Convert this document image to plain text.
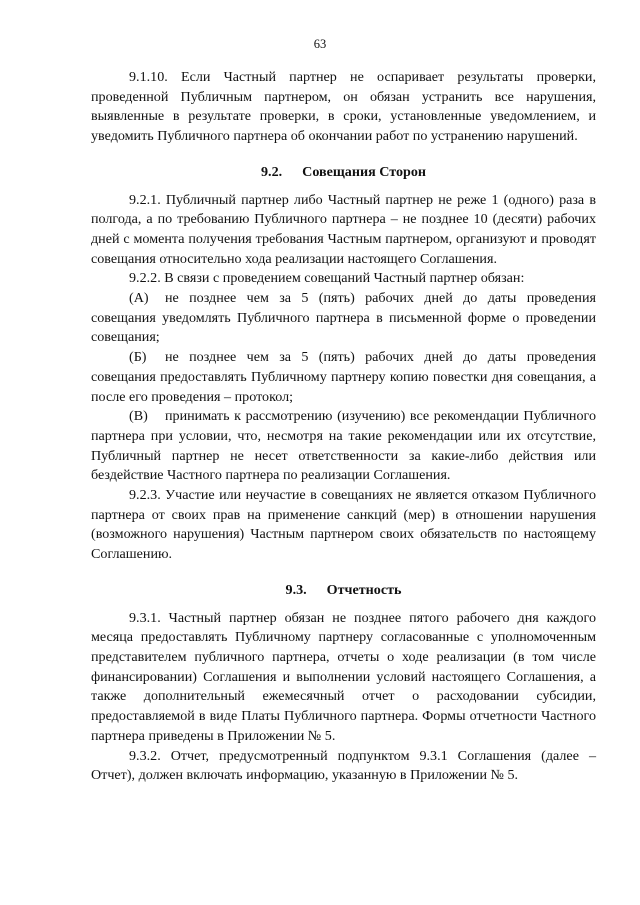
63

9.1.10. Если Частный партнер не оспаривает результаты проверки, проведенной Публичным партнером, он обязан устранить все нарушения, выявленные в результате проверки, в сроки, установленные уведомлением, и уведомить Публичного партнера об окончании работ по устранению нарушений.

9.2. Совещания Сторон

9.2.1. Публичный партнер либо Частный партнер не реже 1 (одного) раза в полгода, а по требованию Публичного партнера – не позднее 10 (десяти) рабочих дней с момента получения требования Частным партнером, организуют и проводят совещания относительно хода реализации настоящего Соглашения.

9.2.2. В связи с проведением совещаний Частный партнер обязан:

(А) не позднее чем за 5 (пять) рабочих дней до даты проведения совещания уведомлять Публичного партнера в письменной форме о проведении совещания;

(Б) не позднее чем за 5 (пять) рабочих дней до даты проведения совещания предоставлять Публичному партнеру копию повестки дня совещания, а после его проведения – протокол;

(В) принимать к рассмотрению (изучению) все рекомендации Публичного партнера при условии, что, несмотря на такие рекомендации или их отсутствие, Публичный партнер не несет ответственности за какие-либо действия или бездействие Частного партнера по реализации Соглашения.

9.2.3. Участие или неучастие в совещаниях не является отказом Публичного партнера от своих прав на применение санкций (мер) в отношении нарушения (возможного нарушения) Частным партнером своих обязательств по настоящему Соглашению.

9.3. Отчетность

9.3.1. Частный партнер обязан не позднее пятого рабочего дня каждого месяца предоставлять Публичному партнеру согласованные с уполномоченным представителем публичного партнера, отчеты о ходе реализации (в том числе финансировании) Соглашения и выполнении условий настоящего Соглашения, а также дополнительный ежемесячный отчет о расходовании субсидии, предоставляемой в виде Платы Публичного партнера. Формы отчетности Частного партнера приведены в Приложении № 5.

9.3.2. Отчет, предусмотренный подпунктом 9.3.1 Соглашения (далее – Отчет), должен включать информацию, указанную в Приложении № 5.
